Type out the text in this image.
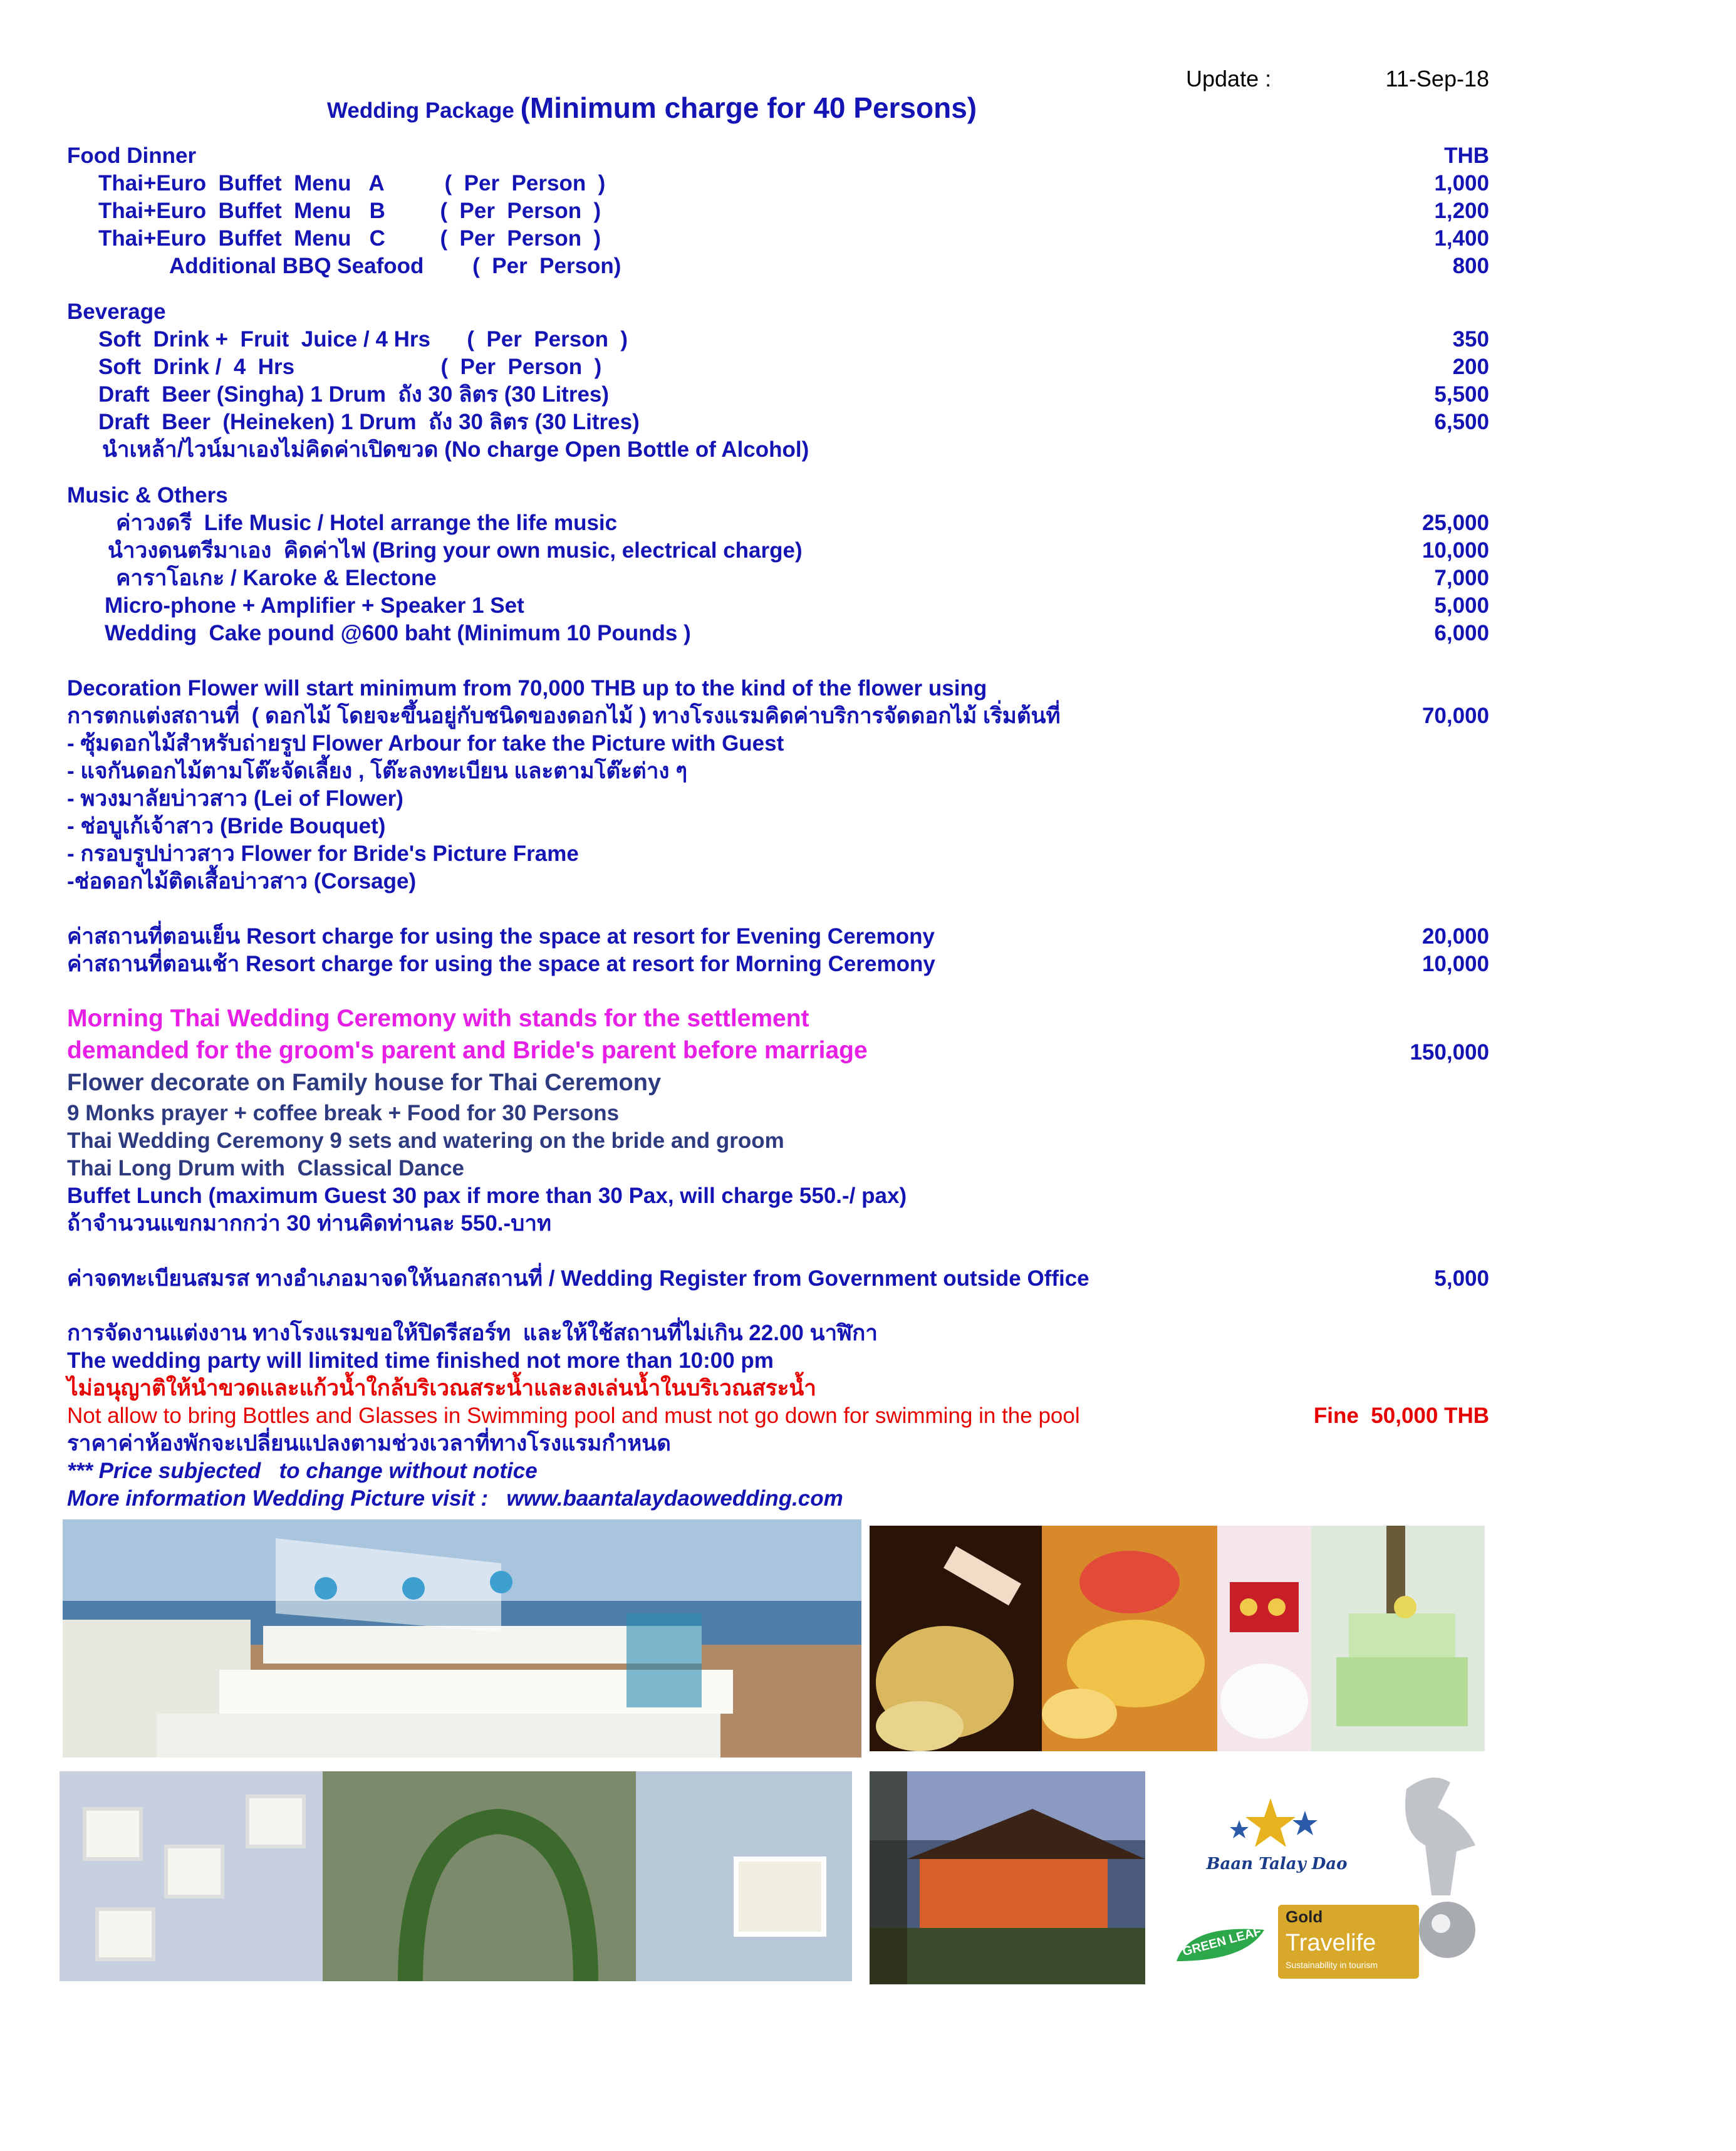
Update :	11-Sep-18
Wedding Package (Minimum charge for 40 Persons)
Food Dinner	THB
Thai+Euro  Buffet  Menu   A          (  Per  Person  )	1,000
Thai+Euro  Buffet  Menu   B         (  Per  Person  )	1,200
Thai+Euro  Buffet  Menu   C         (  Per  Person  )	1,400
Additional BBQ Seafood        (  Per  Person)	800
Beverage
Soft  Drink +  Fruit  Juice / 4 Hrs      (  Per  Person  )	350
Soft  Drink /  4  Hrs                        (  Per  Person  )	200
Draft  Beer (Singha) 1 Drum  ถัง 30 ลิตร (30 Litres)	5,500
Draft  Beer  (Heineken) 1 Drum  ถัง 30 ลิตร (30 Litres)	6,500
นำเหล้า/ไวน์มาเองไม่คิดค่าเปิดขวด (No charge Open Bottle of Alcohol)
Music & Others
ค่าวงดรี  Life Music / Hotel arrange the life music	25,000
นำวงดนตรีมาเอง  คิดค่าไฟ (Bring your own music, electrical charge)	10,000
คาราโอเกะ / Karoke & Electone	7,000
Micro-phone + Amplifier + Speaker 1 Set	5,000
Wedding  Cake pound @600 baht (Minimum 10 Pounds )	6,000
Decoration Flower will start minimum from 70,000 THB up to the kind of the flower using
การตกแต่งสถานที่  ( ดอกไม้ โดยจะขึ้นอยู่กับชนิดของดอกไม้ ) ทางโรงแรมคิดค่าบริการจัดดอกไม้ เริ่มต้นที่	70,000
- ซุ้มดอกไม้สำหรับถ่ายรูป Flower Arbour for take the Picture with Guest
- แจกันดอกไม้ตามโต๊ะจัดเลี้ยง , โต๊ะลงทะเบียน และตามโต๊ะต่าง ๆ
- พวงมาลัยบ่าวสาว (Lei of Flower)
- ช่อบูเก้เจ้าสาว (Bride Bouquet)
- กรอบรูปบ่าวสาว Flower for Bride's Picture Frame
-ช่อดอกไม้ติดเสื้อบ่าวสาว (Corsage)
ค่าสถานที่ตอนเย็น Resort charge for using the space at resort for Evening Ceremony	20,000
ค่าสถานที่ตอนเช้า Resort charge for using the space at resort for Morning Ceremony	10,000
Morning Thai Wedding Ceremony with stands for the settlement
demanded for the groom's parent and Bride's parent before marriage	150,000
Flower decorate on Family house for Thai Ceremony
9 Monks prayer + coffee break + Food for 30 Persons
Thai Wedding Ceremony 9 sets and watering on the bride and groom
Thai Long Drum with  Classical Dance
Buffet Lunch (maximum Guest 30 pax if more than 30 Pax, will charge 550.-/ pax)
ถ้าจำนวนแขกมากกว่า 30 ท่านคิดท่านละ 550.-บาท
ค่าจดทะเบียนสมรส ทางอำเภอมาจดให้นอกสถานที่ / Wedding Register from Government outside Office	5,000
การจัดงานแต่งงาน ทางโรงแรมขอให้ปิดรีสอร์ท  และให้ใช้สถานที่ไม่เกิน 22.00 นาฬิกา
The wedding party will limited time finished not more than 10:00 pm
ไม่อนุญาติให้นำขวดและแก้วน้ำใกล้บริเวณสระน้ำและลงเล่นน้ำในบริเวณสระน้ำ
Not allow to bring Bottles and Glasses in Swimming pool and must not go down for swimming in the pool	Fine  50,000 THB
ราคาค่าห้องพักจะเปลี่ยนแปลงตามช่วงเวลาที่ทางโรงแรมกำหนด
*** Price subjected   to change without notice
More information Wedding Picture visit :   www.baantalaydaowedding.com
Baan Talay Dao
GREEN LEAF
Gold
Travelife
Sustainability in tourism
